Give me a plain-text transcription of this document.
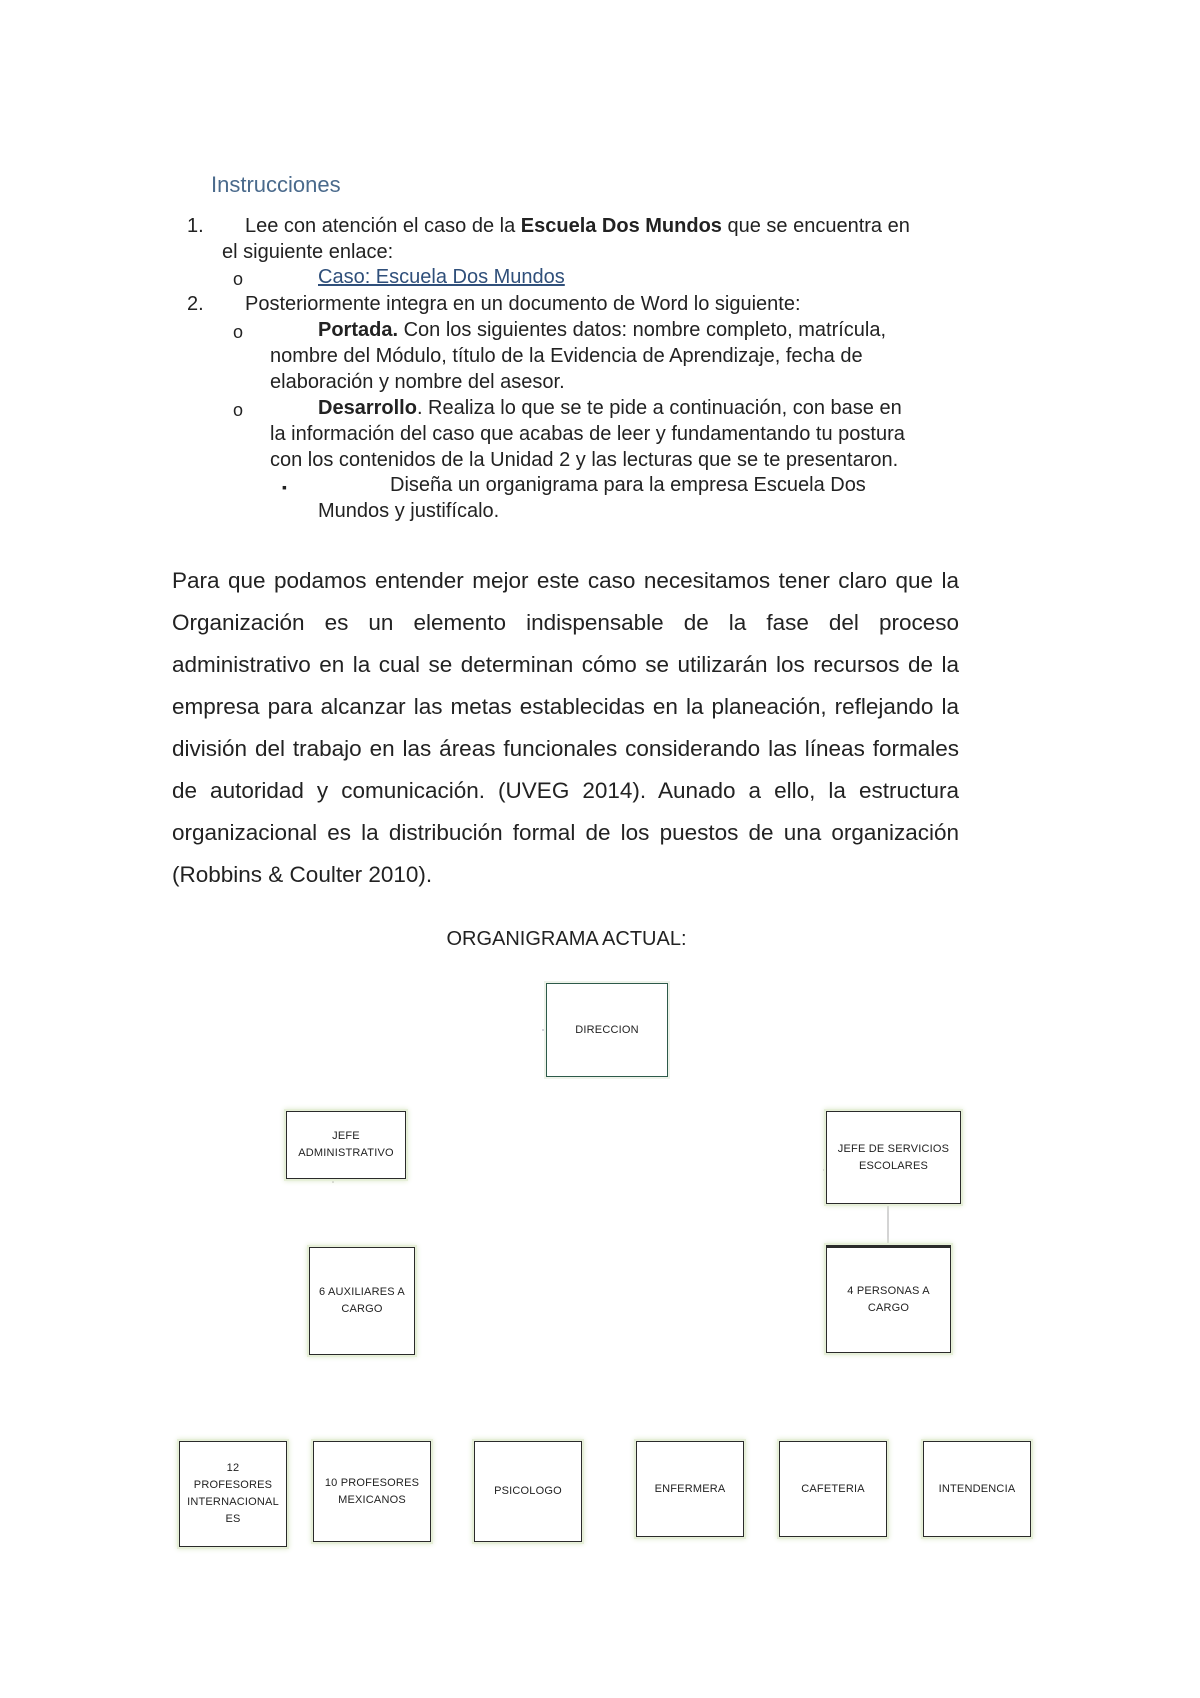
Instrucciones
1. Lee con atención el caso de la Escuela Dos Mundos que se encuentra en
el siguiente enlace:
o	Caso: Escuela Dos Mundos
2. Posteriormente integra en un documento de Word lo siguiente:
o	Portada. Con los siguientes datos: nombre completo, matrícula,
nombre del Módulo, título de la Evidencia de Aprendizaje, fecha de
elaboración y nombre del asesor.
o	Desarrollo. Realiza lo que se te pide a continuación, con base en
la información del caso que acabas de leer y fundamentando tu postura
con los contenidos de la Unidad 2 y las lecturas que se te presentaron.
▪	Diseña un organigrama para la empresa Escuela Dos
Mundos y justifícalo.
Para que podamos entender mejor este caso necesitamos tener claro que la Organización es un elemento indispensable de la fase del proceso administrativo en la cual se determinan cómo se utilizarán los recursos de la empresa para alcanzar las metas establecidas en la planeación, reflejando la división del trabajo en las áreas funcionales considerando las líneas formales de autoridad y comunicación. (UVEG 2014). Aunado a ello, la estructura organizacional es la distribución formal de los puestos de una organización (Robbins & Coulter 2010).
ORGANIGRAMA ACTUAL:
DIRECCION
JEFE
ADMINISTRATIVO	JEFE DE SERVICIOS
ESCOLARES
6 AUXILIARES A
CARGO
4 PERSONAS A
CARGO
12 PROFESORES
INTERNACIONAL
ES
10 PROFESORES
MEXICANOS
PSICOLOGO	ENFERMERA	CAFETERIA	INTENDENCIA
